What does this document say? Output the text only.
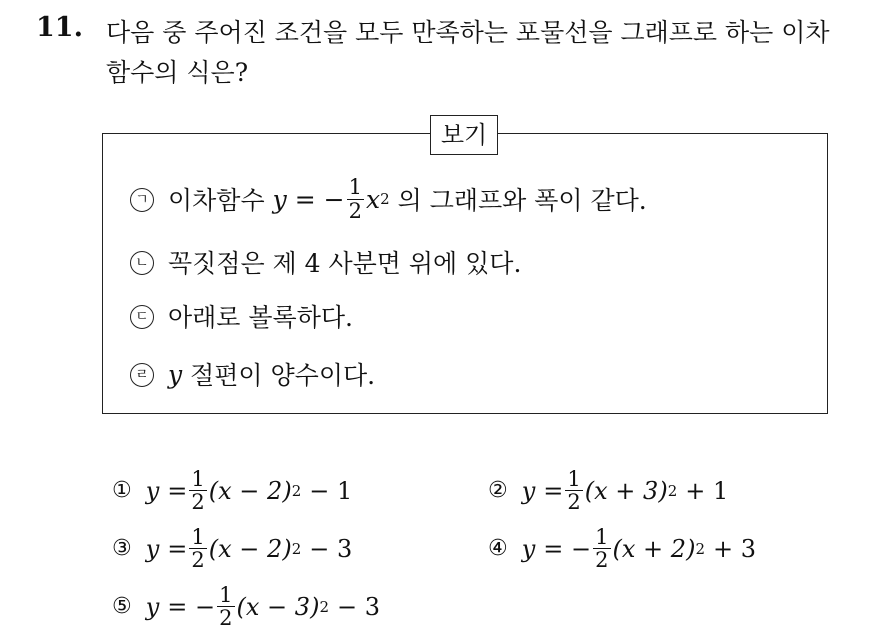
11. 다음 중 주어진 조건을 모두 만족하는 포물선을 그래프로 하는 이차
함수의 식은?
보기
ㄱ 이차함수 y = − $\frac{1}{2}$ x 2 의 그래프와 폭이 같다.
ㄴ 꼭짓점은 제 4 사분면 위에 있다.
ㄷ 아래로 볼록하다.
ㄹ y 절편이 양수이다.
① $y = \frac{1}{2} (x - 2) 2 - 1$	② $y = \frac{1}{2} (x + 3) 2 + 1$
③ $y = \frac{1}{2} (x - 2) 2 - 3$	④ y = − $\frac{1}{2} (x + 2) 2 + 3$
⑤ y = − $\frac{1}{2} (x - 3) 2 - 3$
